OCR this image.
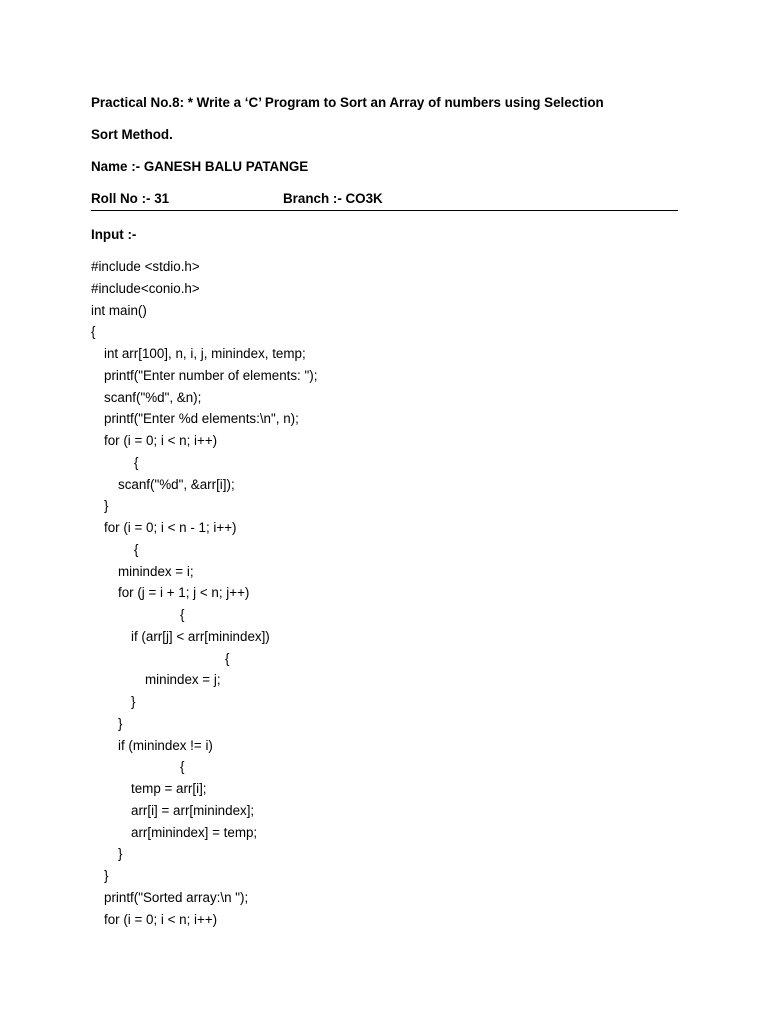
Practical No.8: * Write a ‘C’ Program to Sort an Array of numbers using Selection
Sort Method.
Name :- GANESH BALU PATANGE
Roll No :- 31	Branch :- CO3K
Input :-
#include <stdio.h>
#include<conio.h>
int main()
{
int arr[100], n, i, j, minindex, temp;
printf("Enter number of elements: ");
scanf("%d", &n);
printf("Enter %d elements:\n", n);
for (i = 0; i < n; i++)
{
scanf("%d", &arr[i]);
}
for (i = 0; i < n - 1; i++)
{
minindex = i;
for (j = i + 1; j < n; j++)
{
if (arr[j] < arr[minindex])
{
minindex = j;
}
}
if (minindex != i)
{
temp = arr[i];
arr[i] = arr[minindex];
arr[minindex] = temp;
}
}
printf("Sorted array:\n ");
for (i = 0; i < n; i++)
